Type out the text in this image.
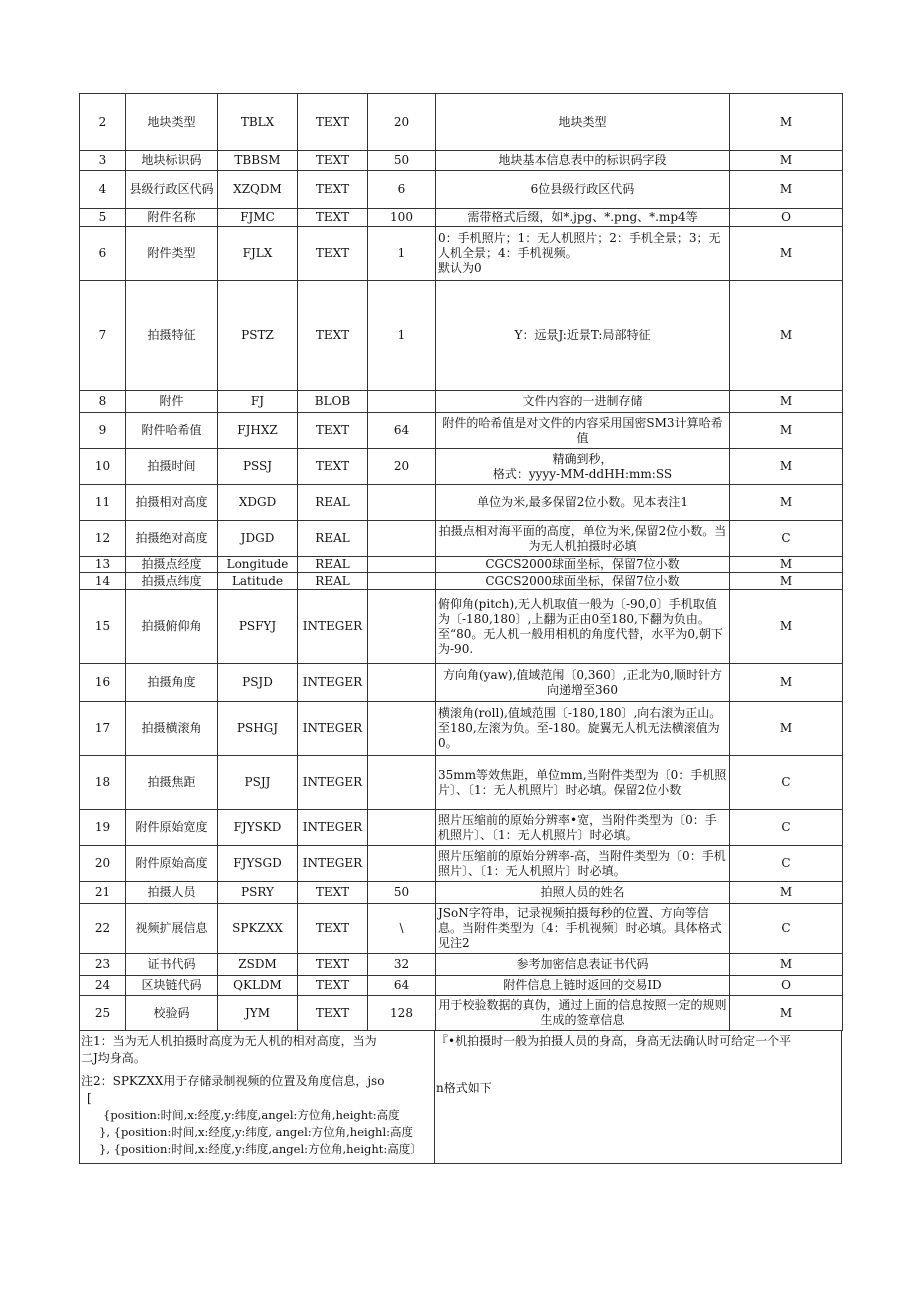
2	地块类型	TBLX	TEXT	20	地块类型	M
3	地块标识码	TBBSM	TEXT	50	地块基本信息表中的标识码字段	M
4	县级行政区代码	XZQDM	TEXT	6	6位县级行政区代码	M
5	附件名称	FJMC	TEXT	100	需带格式后缀，如*.jpg、*.png、*.mp4等	O
6	附件类型	FJLX	TEXT	1	0：手机照片；1：无人机照片；2：手机全景；3；无人机全景；4：手机视频。
默认为0	M
7	拍摄特征	PSTZ	TEXT	1	Y：远景J:近景T:局部特征	M
8	附件	FJ	BLOB		文件内容的一进制存储	M
9	附件哈希值	FJHXZ	TEXT	64	附件的哈希值是对文件的内容采用国密SM3计算哈希值	M
10	拍摄时间	PSSJ	TEXT	20	精确到秒，
格式：yyyy-MM-ddHH:mm:SS	M
11	拍摄相对高度	XDGD	REAL		单位为米,最多保留2位小数。见本表注1	M
12	拍摄绝对高度	JDGD	REAL		拍摄点相对海平面的高度，单位为米,保留2位小数。当为无人机拍摄时必填	C
13	拍摄点经度	Longitude	REAL		CGCS2000球面坐标，保留7位小数	M
14	拍摄点纬度	Latitude	REAL		CGCS2000球面坐标，保留7位小数	M
15	拍摄俯仰角	PSFYJ	INTEGER		俯仰角(pitch),无人机取值一般为〔-90,0〕手机取值为〔-180,180〕,上翻为正由0至180,下翻为负由。至“80。无人机一般用相机的角度代替，水平为0,朝下为-90.	M
16	拍摄角度	PSJD	INTEGER		方向角(yaw),值域范闱〔0,360〕,正北为0,顺时针方向递增至360	M
17	拍摄横滚角	PSHGJ	INTEGER		横滚角(roll),值域范围〔-180,180〕,向右滚为正山。至180,左滚为负。至-180。旋翼无人机无法横滚值为0。	M
18	拍摄焦距	PSJJ	INTEGER		35mm等效焦距，单位mm,当附件类型为〔0：手机照片〕、〔1：无人机照片〕时必填。保留2位小数	C
19	附件原始宽度	FJYSKD	INTEGER		照片压缩前的原始分辨率•宽，当附件类型为〔0：手机照片〕、〔1：无人机照片〕时必填。	C
20	附件原始高度	FJYSGD	INTEGER		照片压缩前的原始分辨率-高，当附件类型为〔0：手机照片〕、〔1：无人机照片〕时必填。	C
21	拍摄人员	PSRY	TEXT	50	拍照人员的姓名	M
22	视频扩展信息	SPKZXX	TEXT	\	JSoN字符串，记录视频拍摄每秒的位置、方向等信息。当附件类型为〔4：手机视频〕时必填。具体格式见注2	C
23	证书代码	ZSDM	TEXT	32	参考加密信息表证书代码	M
24	区块链代码	QKLDM	TEXT	64	附件信息上链时返回的交易ID	O
25	校验码	JYM	TEXT	128	用于校验数据的真伪，通过上面的信息按照一定的规则生成的签章信息	M

注1：当为无人机拍摄时高度为无人机的相对高度，当为

二J均身高。

注2：SPKZXX用于存储录制视频的位置及角度信息，jso

[

{position:时间,x:经度,y:纬度,angel:方位角,height:高度

}, {position:时间,x:经度,y:纬度, angel:方位角,heighl:高度

}, {position:时间,x:经度,y:纬度,angel:方位角,height:高度〕

『•机拍摄时一般为拍摄人员的身高，身高无法确认时可给定一个平

n格式如下
